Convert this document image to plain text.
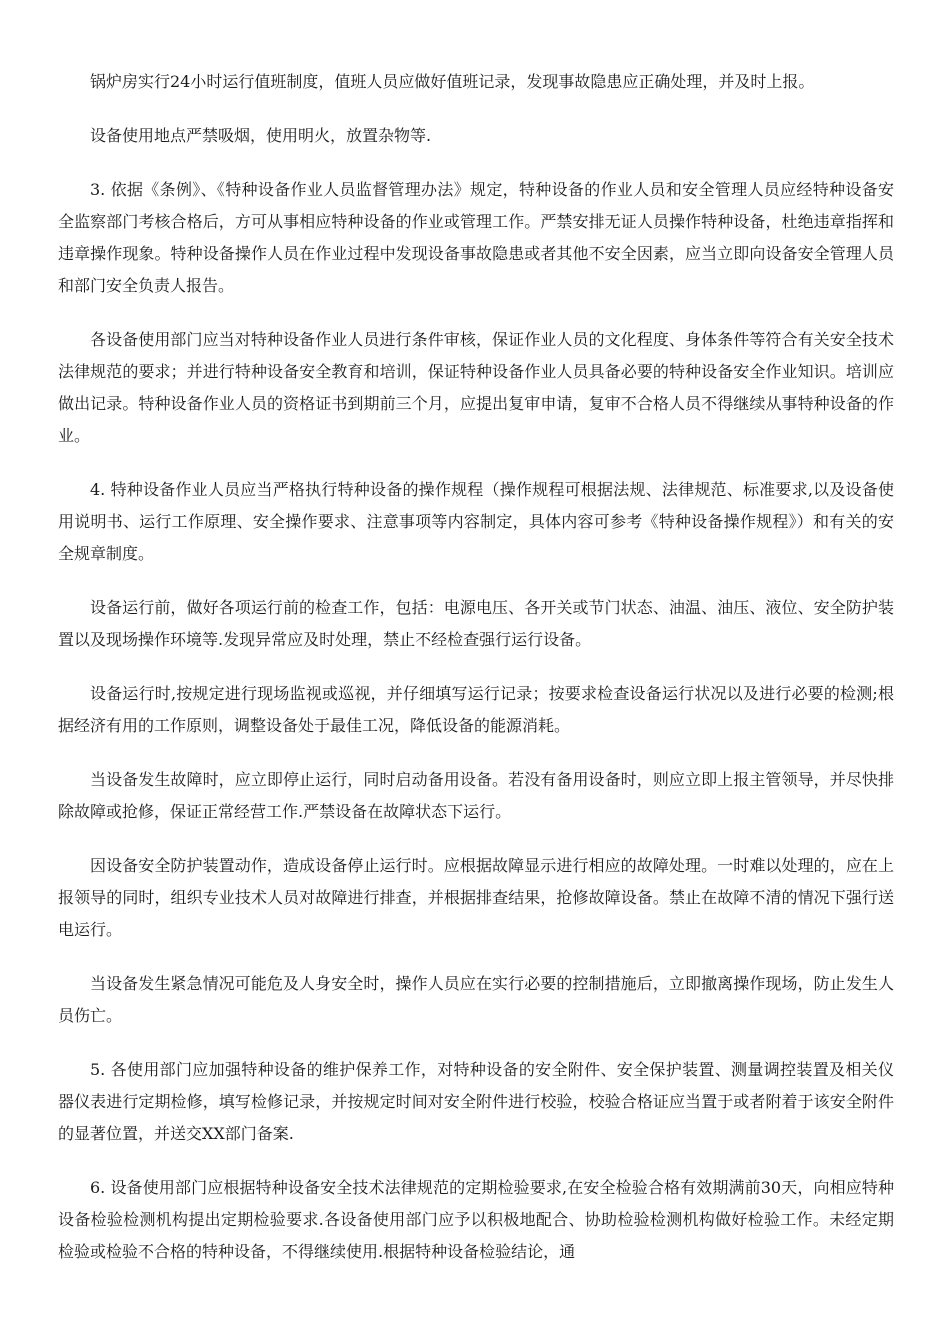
锅炉房实行24小时运行值班制度，值班人员应做好值班记录，发现事故隐患应正确处理，并及时上报。

设备使用地点严禁吸烟，使用明火，放置杂物等.

3. 依据《条例》、《特种设备作业人员监督管理办法》规定，特种设备的作业人员和安全管理人员应经特种设备安全监察部门考核合格后，方可从事相应特种设备的作业或管理工作。严禁安排无证人员操作特种设备，杜绝违章指挥和违章操作现象。特种设备操作人员在作业过程中发现设备事故隐患或者其他不安全因素，应当立即向设备安全管理人员和部门安全负责人报告。

各设备使用部门应当对特种设备作业人员进行条件审核，保证作业人员的文化程度、身体条件等符合有关安全技术法律规范的要求；并进行特种设备安全教育和培训，保证特种设备作业人员具备必要的特种设备安全作业知识。培训应做出记录。特种设备作业人员的资格证书到期前三个月，应提出复审申请，复审不合格人员不得继续从事特种设备的作业。

4. 特种设备作业人员应当严格执行特种设备的操作规程（操作规程可根据法规、法律规范、标准要求,以及设备使用说明书、运行工作原理、安全操作要求、注意事项等内容制定，具体内容可参考《特种设备操作规程》）和有关的安全规章制度。

设备运行前，做好各项运行前的检查工作，包括：电源电压、各开关或节门状态、油温、油压、液位、安全防护装置以及现场操作环境等.发现异常应及时处理，禁止不经检查强行运行设备。

设备运行时,按规定进行现场监视或巡视，并仔细填写运行记录；按要求检查设备运行状况以及进行必要的检测;根据经济有用的工作原则，调整设备处于最佳工况，降低设备的能源消耗。

当设备发生故障时，应立即停止运行，同时启动备用设备。若没有备用设备时，则应立即上报主管领导，并尽快排除故障或抢修，保证正常经营工作.严禁设备在故障状态下运行。

因设备安全防护装置动作，造成设备停止运行时。应根据故障显示进行相应的故障处理。一时难以处理的，应在上报领导的同时，组织专业技术人员对故障进行排查，并根据排查结果，抢修故障设备。禁止在故障不清的情况下强行送电运行。

当设备发生紧急情况可能危及人身安全时，操作人员应在实行必要的控制措施后，立即撤离操作现场，防止发生人员伤亡。

5. 各使用部门应加强特种设备的维护保养工作，对特种设备的安全附件、安全保护装置、测量调控装置及相关仪器仪表进行定期检修，填写检修记录，并按规定时间对安全附件进行校验，校验合格证应当置于或者附着于该安全附件的显著位置，并送交XX部门备案.

6. 设备使用部门应根据特种设备安全技术法律规范的定期检验要求,在安全检验合格有效期满前30天，向相应特种设备检验检测机构提出定期检验要求.各设备使用部门应予以积极地配合、协助检验检测机构做好检验工作。未经定期检验或检验不合格的特种设备，不得继续使用.根据特种设备检验结论，通
